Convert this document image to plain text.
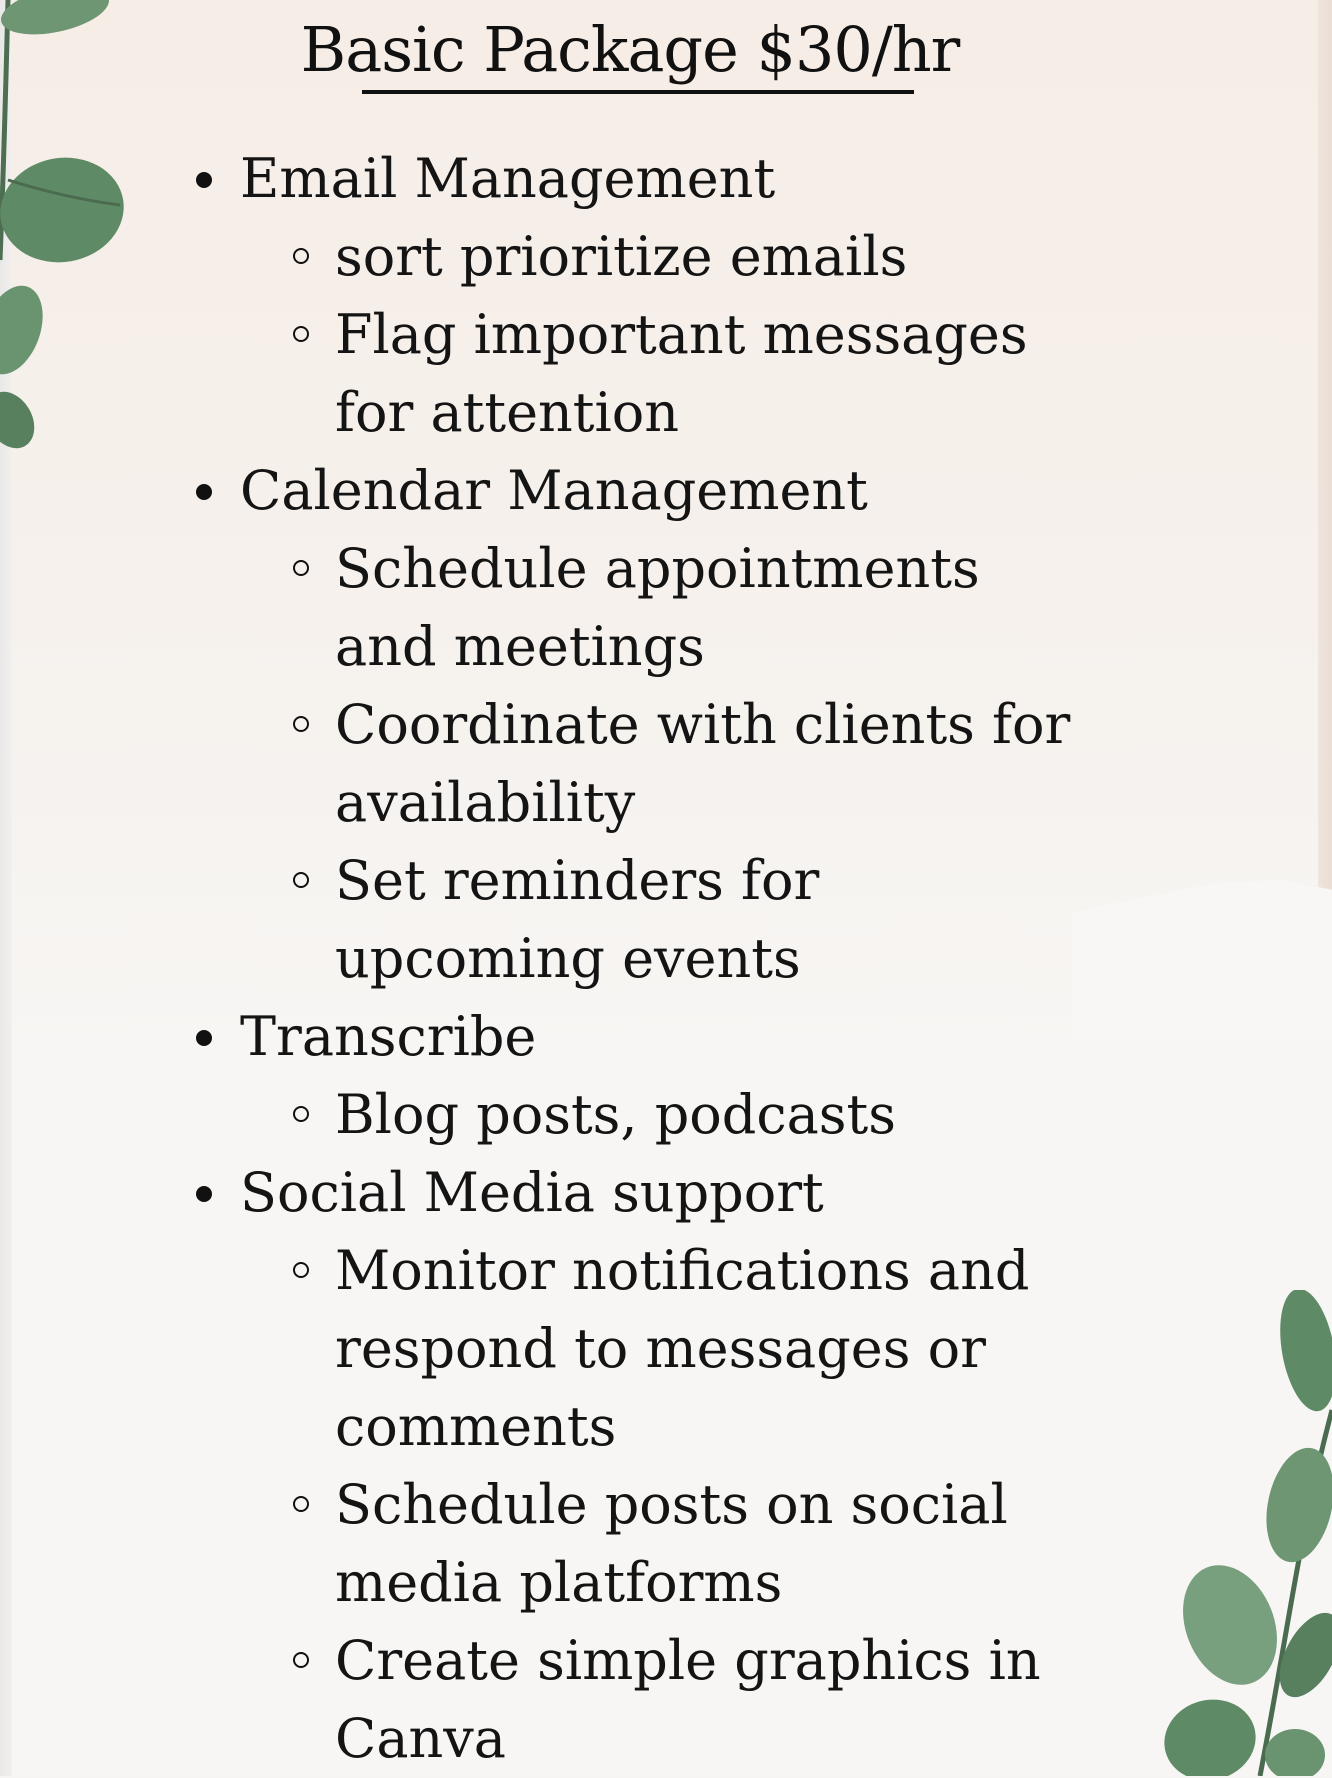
Basic Package $30/hr
Email Management
sort prioritize emails
Flag important messages for attention
Calendar Management
Schedule appointments and meetings
Coordinate with clients for availability
Set reminders for upcoming events
Transcribe
Blog posts, podcasts
Social Media support
Monitor notifications and respond to messages or comments
Schedule posts on social media platforms
Create simple graphics in Canva
